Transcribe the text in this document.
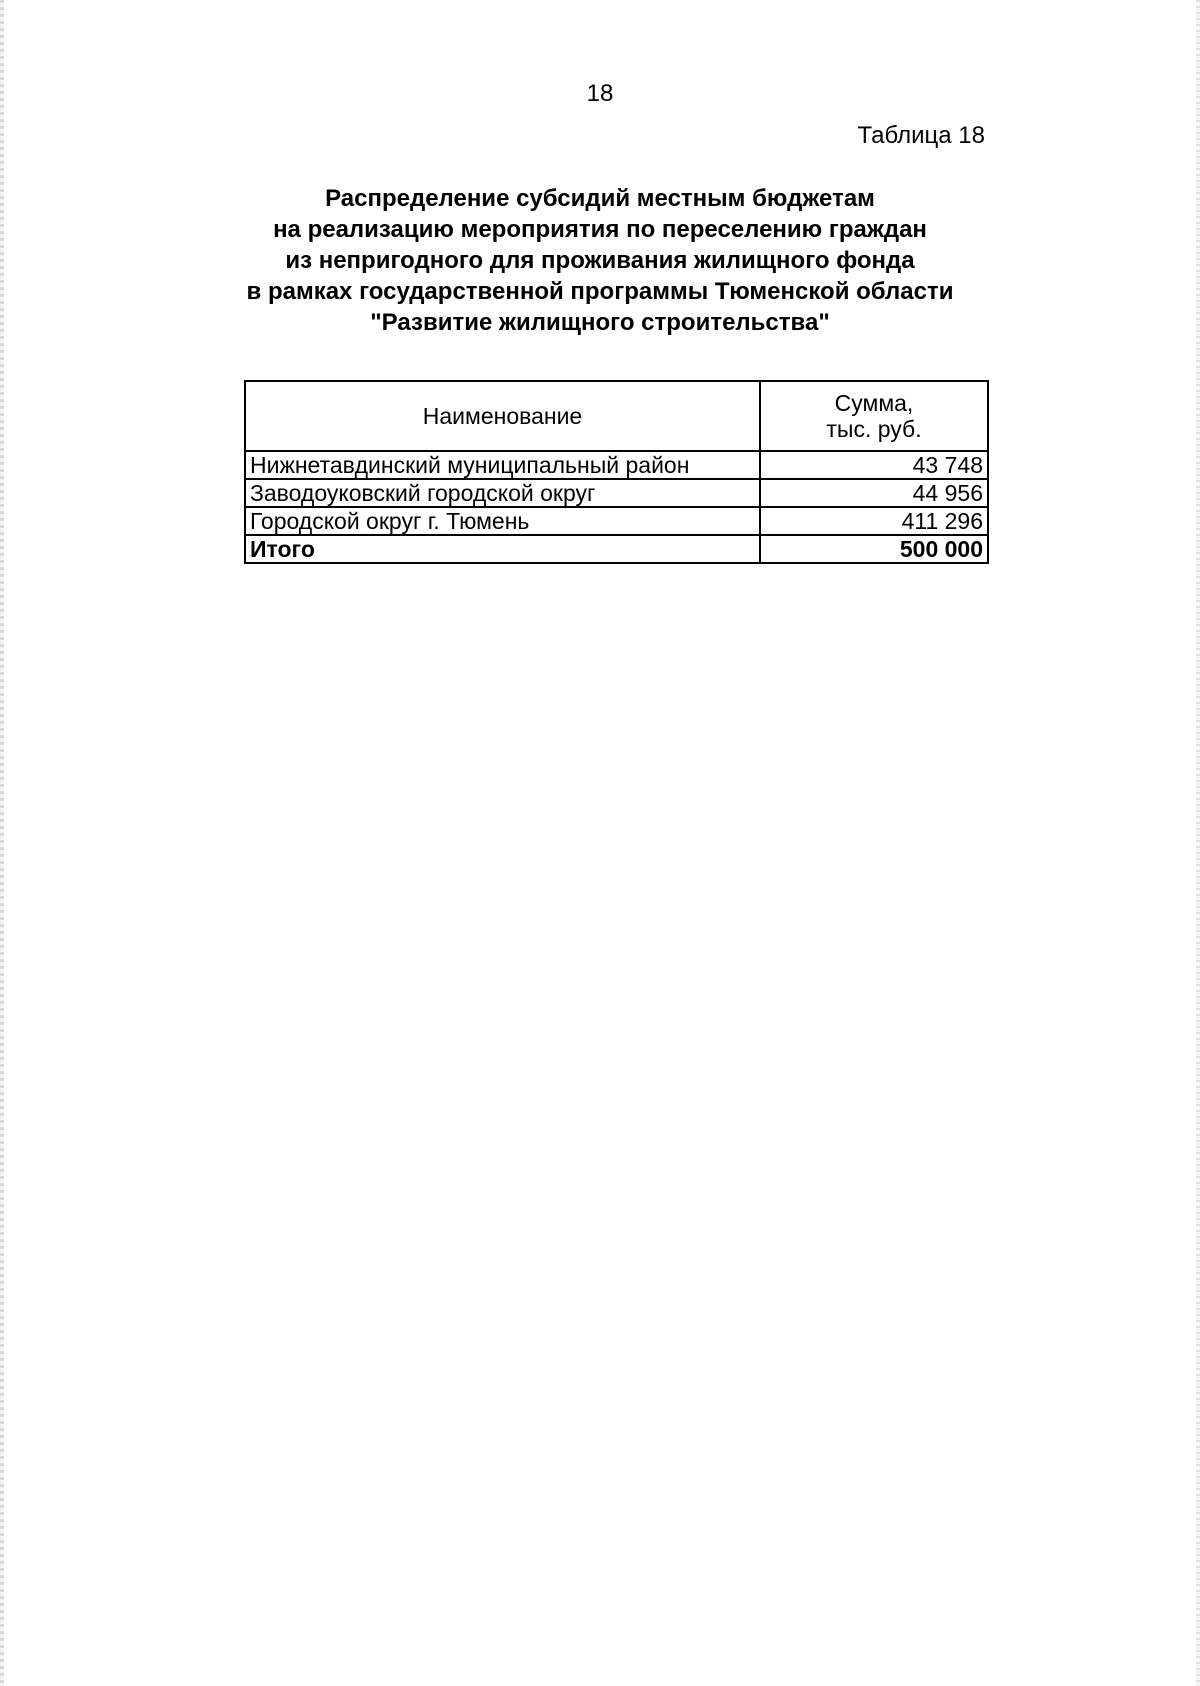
18
Таблица 18
Распределение субсидий местным бюджетам
на реализацию мероприятия по переселению граждан
из непригодного для проживания жилищного фонда
в рамках государственной программы Тюменской области
"Развитие жилищного строительства"
Наименование	Сумма,
тыс. руб.

Нижнетавдинский муниципальный район	43 748
Заводоуковский городской округ	44 956
Городской округ г. Тюмень	411 296
Итого	500 000
